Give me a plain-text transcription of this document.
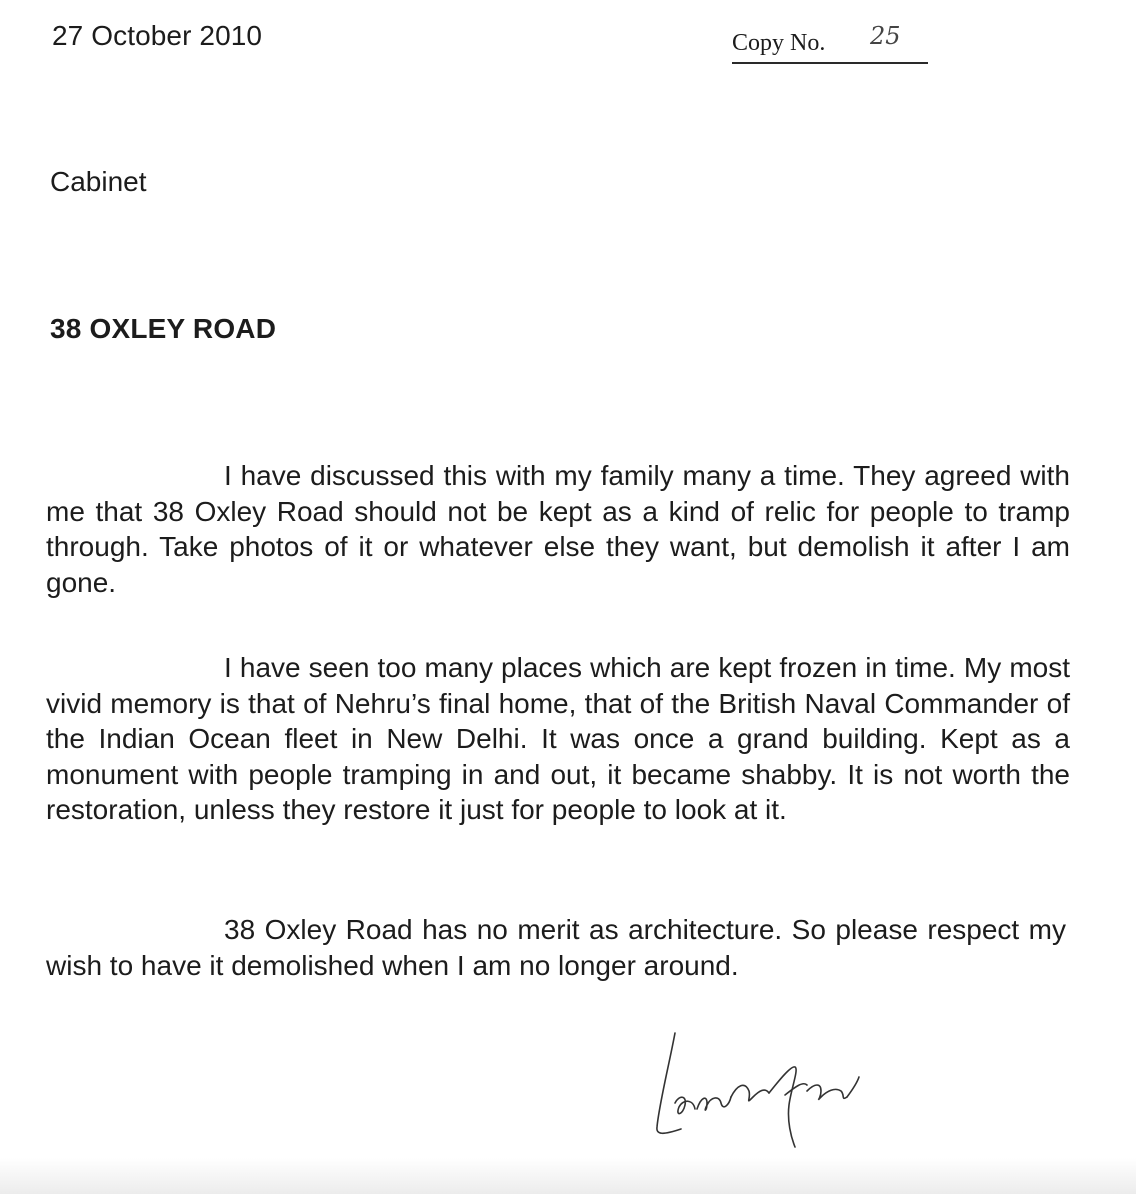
27 October 2010	Copy No. 25
Cabinet
38 OXLEY ROAD

I have discussed this with my family many a time. They agreed with me that 38 Oxley Road should not be kept as a kind of relic for people to tramp through. Take photos of it or whatever else they want, but demolish it after I am gone.

I have seen too many places which are kept frozen in time. My most vivid memory is that of Nehru’s final home, that of the British Naval Commander of the Indian Ocean fleet in New Delhi. It was once a grand building. Kept as a monument with people tramping in and out, it became shabby. It is not worth the restoration, unless they restore it just for people to look at it.

38 Oxley Road has no merit as architecture. So please respect my wish to have it demolished when I am no longer around.
